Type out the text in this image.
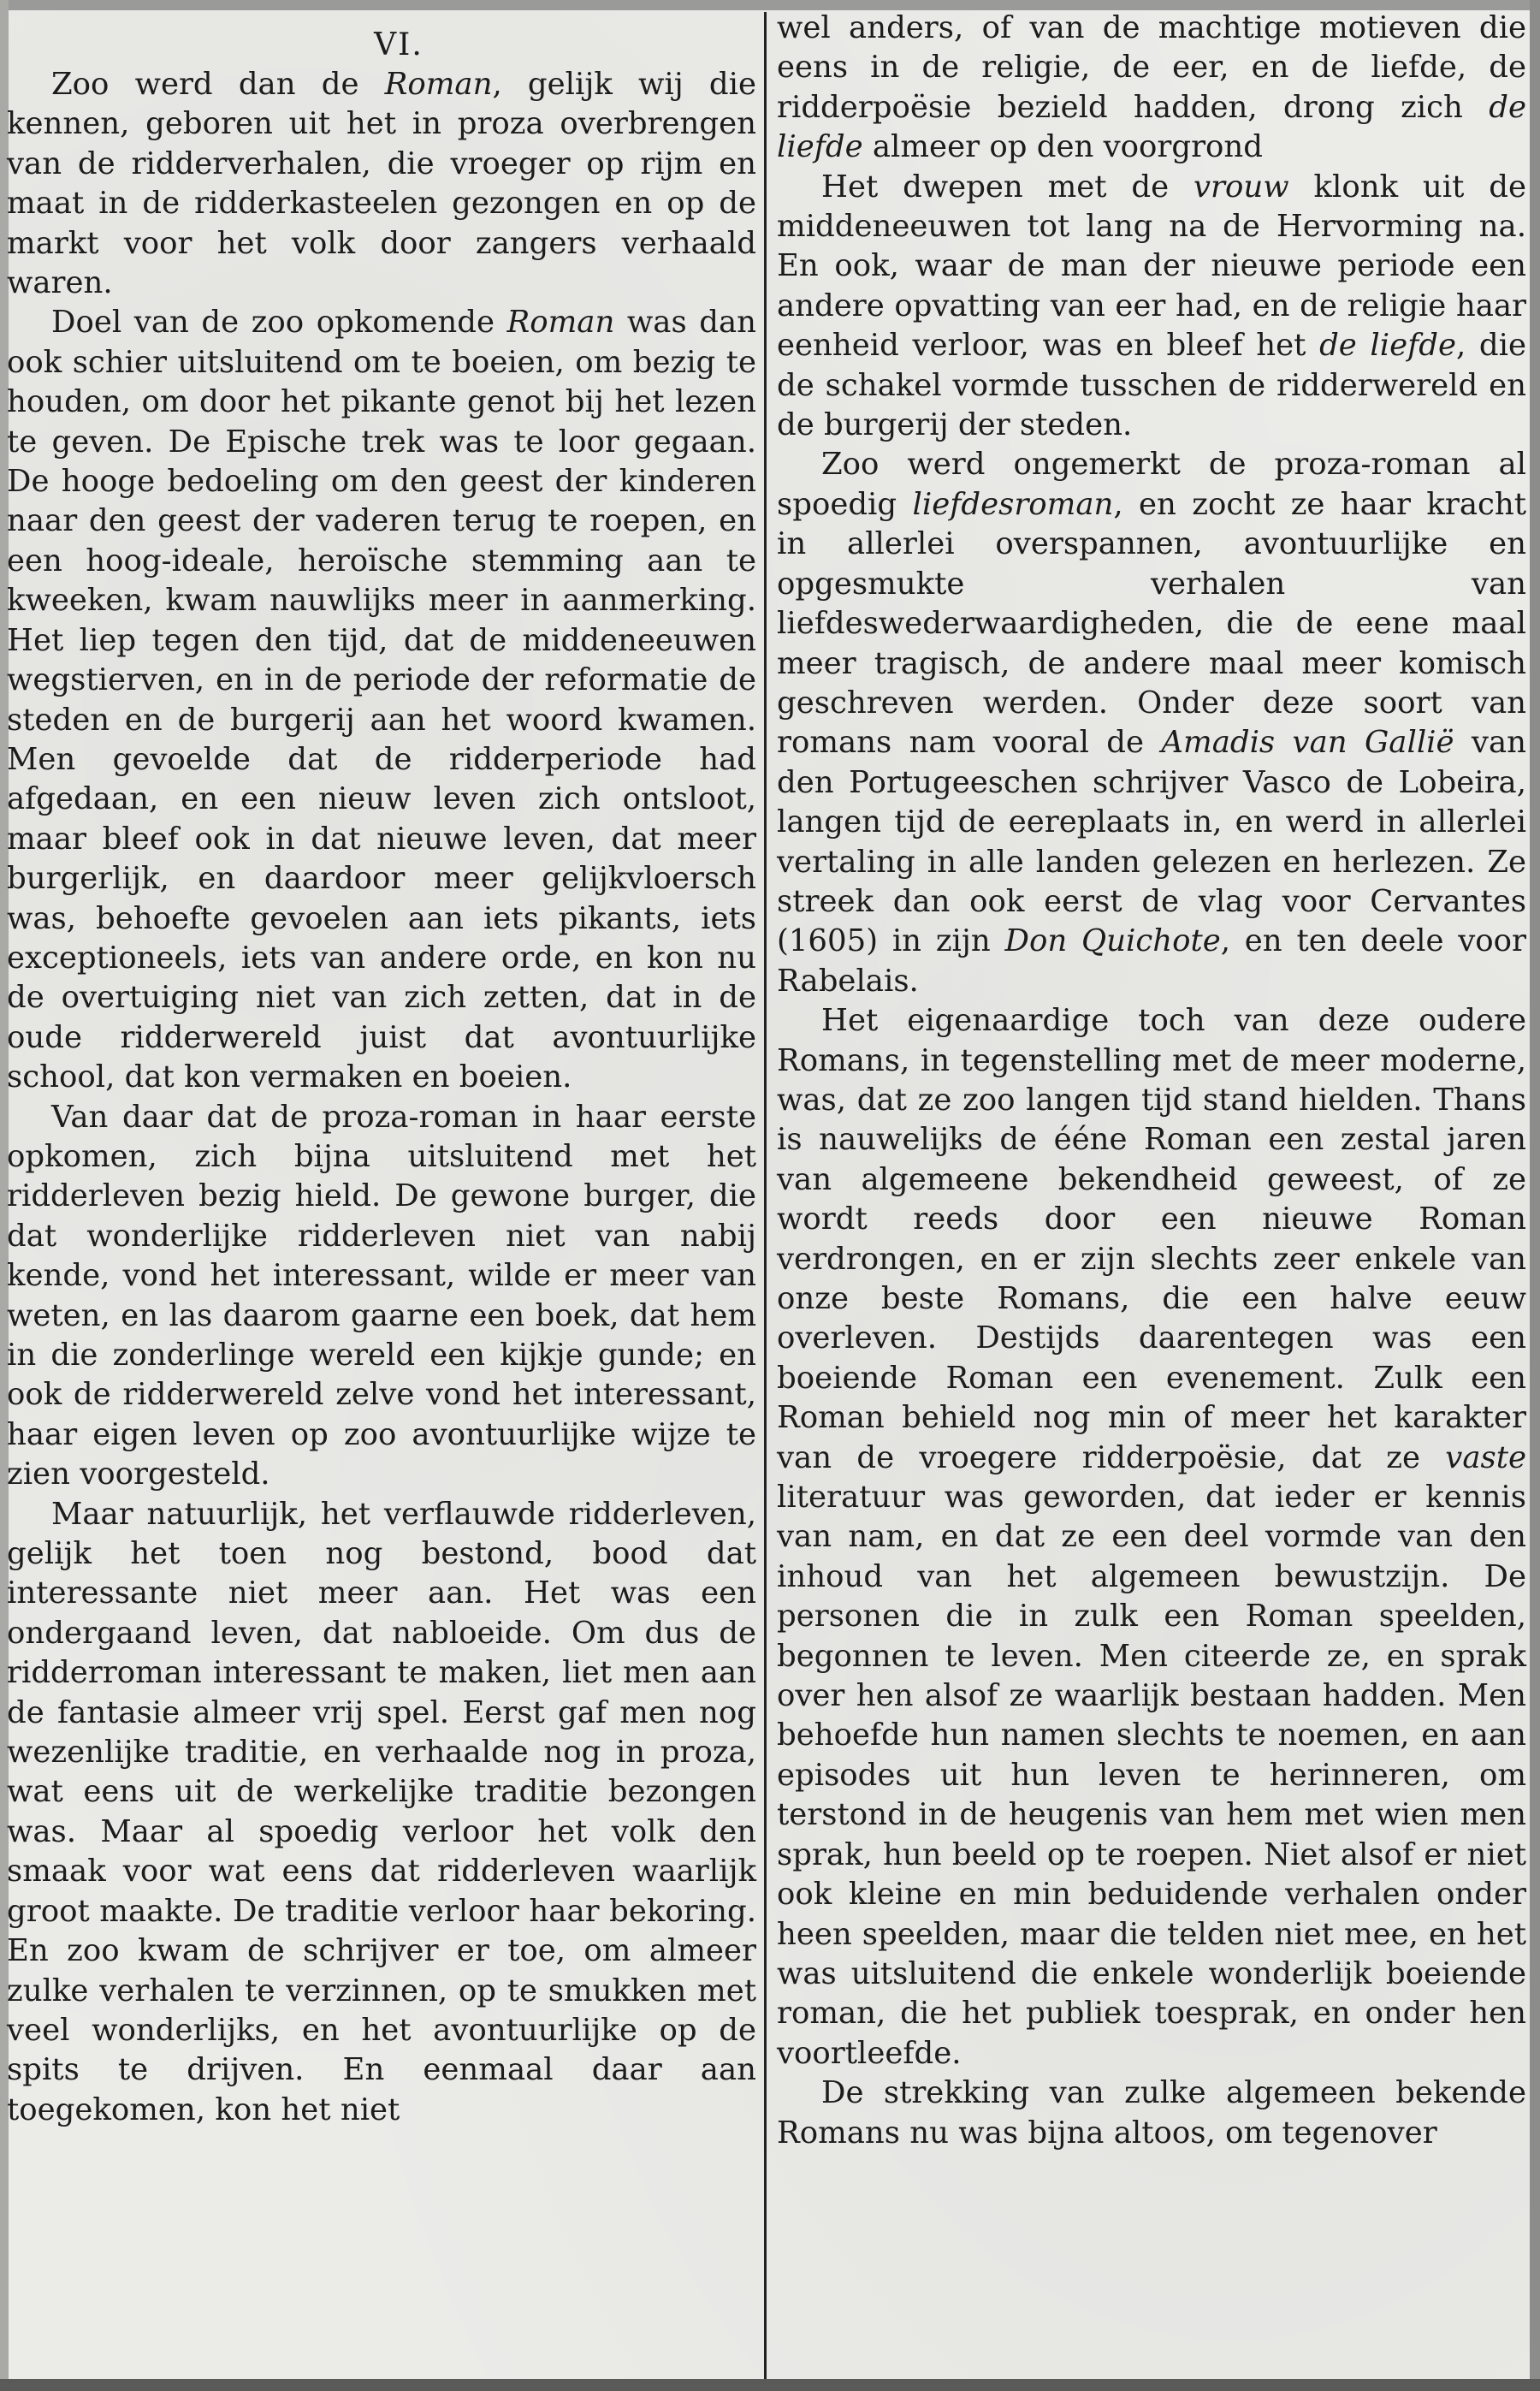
VI.

Zoo werd dan de Roman, gelijk wij die kennen, geboren uit het in proza overbrengen van de ridderverhalen, die vroeger op rijm en maat in de ridderkasteelen gezongen en op de markt voor het volk door zangers verhaald waren.

Doel van de zoo opkomende Roman was dan ook schier uitsluitend om te boeien, om bezig te houden, om door het pikante genot bij het lezen te geven. De Epische trek was te loor gegaan. De hooge bedoeling om den geest der kinderen naar den geest der vaderen terug te roepen, en een hoog-ideale, heroïsche stemming aan te kweeken, kwam nauwlijks meer in aanmerking. Het liep tegen den tijd, dat de middeneeuwen wegstierven, en in de periode der reformatie de steden en de burgerij aan het woord kwamen. Men gevoelde dat de ridderperiode had afgedaan, en een nieuw leven zich ontsloot, maar bleef ook in dat nieuwe leven, dat meer burgerlijk, en daardoor meer gelijkvloersch was, behoefte gevoelen aan iets pikants, iets exceptioneels, iets van andere orde, en kon nu de overtuiging niet van zich zetten, dat in de oude ridderwereld juist dat avontuurlijke school, dat kon vermaken en boeien.

Van daar dat de proza-roman in haar eerste opkomen, zich bijna uitsluitend met het ridderleven bezig hield. De gewone burger, die dat wonderlijke ridderleven niet van nabij kende, vond het interessant, wilde er meer van weten, en las daarom gaarne een boek, dat hem in die zonderlinge wereld een kijkje gunde; en ook de ridderwereld zelve vond het interessant, haar eigen leven op zoo avontuurlijke wijze te zien voorgesteld.

Maar natuurlijk, het verflauwde ridderleven, gelijk het toen nog bestond, bood dat interessante niet meer aan. Het was een ondergaand leven, dat nabloeide. Om dus de ridderroman interessant te maken, liet men aan de fantasie almeer vrij spel. Eerst gaf men nog wezenlijke traditie, en verhaalde nog in proza, wat eens uit de werkelijke traditie bezongen was. Maar al spoedig verloor het volk den smaak voor wat eens dat ridderleven waarlijk groot maakte. De traditie verloor haar bekoring. En zoo kwam de schrijver er toe, om almeer zulke verhalen te verzinnen, op te smukken met veel wonderlijks, en het avontuurlijke op de spits te drijven. En eenmaal daar aan toegekomen, kon het niet

wel anders, of van de machtige motieven die eens in de religie, de eer, en de liefde, de ridderpoësie bezield hadden, drong zich de liefde almeer op den voorgrond

Het dwepen met de vrouw klonk uit de middeneeuwen tot lang na de Hervorming na. En ook, waar de man der nieuwe periode een andere opvatting van eer had, en de religie haar eenheid verloor, was en bleef het de liefde, die de schakel vormde tusschen de ridderwereld en de burgerij der steden.

Zoo werd ongemerkt de proza-roman al spoedig liefdesroman, en zocht ze haar kracht in allerlei overspannen, avontuurlijke en opgesmukte verhalen van liefdeswederwaardigheden, die de eene maal meer tragisch, de andere maal meer komisch geschreven werden. Onder deze soort van romans nam vooral de Amadis van Gallië van den Portugeeschen schrijver Vasco de Lobeira, langen tijd de eereplaats in, en werd in allerlei vertaling in alle landen gelezen en herlezen. Ze streek dan ook eerst de vlag voor Cervantes (1605) in zijn Don Quichote, en ten deele voor Rabelais.

Het eigenaardige toch van deze oudere Romans, in tegenstelling met de meer moderne, was, dat ze zoo langen tijd stand hielden. Thans is nauwelijks de ééne Roman een zestal jaren van algemeene bekendheid geweest, of ze wordt reeds door een nieuwe Roman verdrongen, en er zijn slechts zeer enkele van onze beste Romans, die een halve eeuw overleven. Destijds daarentegen was een boeiende Roman een evenement. Zulk een Roman behield nog min of meer het karakter van de vroegere ridderpoësie, dat ze vaste literatuur was geworden, dat ieder er kennis van nam, en dat ze een deel vormde van den inhoud van het algemeen bewustzijn. De personen die in zulk een Roman speelden, begonnen te leven. Men citeerde ze, en sprak over hen alsof ze waarlijk bestaan hadden. Men behoefde hun namen slechts te noemen, en aan episodes uit hun leven te herinneren, om terstond in de heugenis van hem met wien men sprak, hun beeld op te roepen. Niet alsof er niet ook kleine en min beduidende verhalen onder heen speelden, maar die telden niet mee, en het was uitsluitend die enkele wonderlijk boeiende roman, die het publiek toesprak, en onder hen voortleefde.

De strekking van zulke algemeen bekende Romans nu was bijna altoos, om tegenover
